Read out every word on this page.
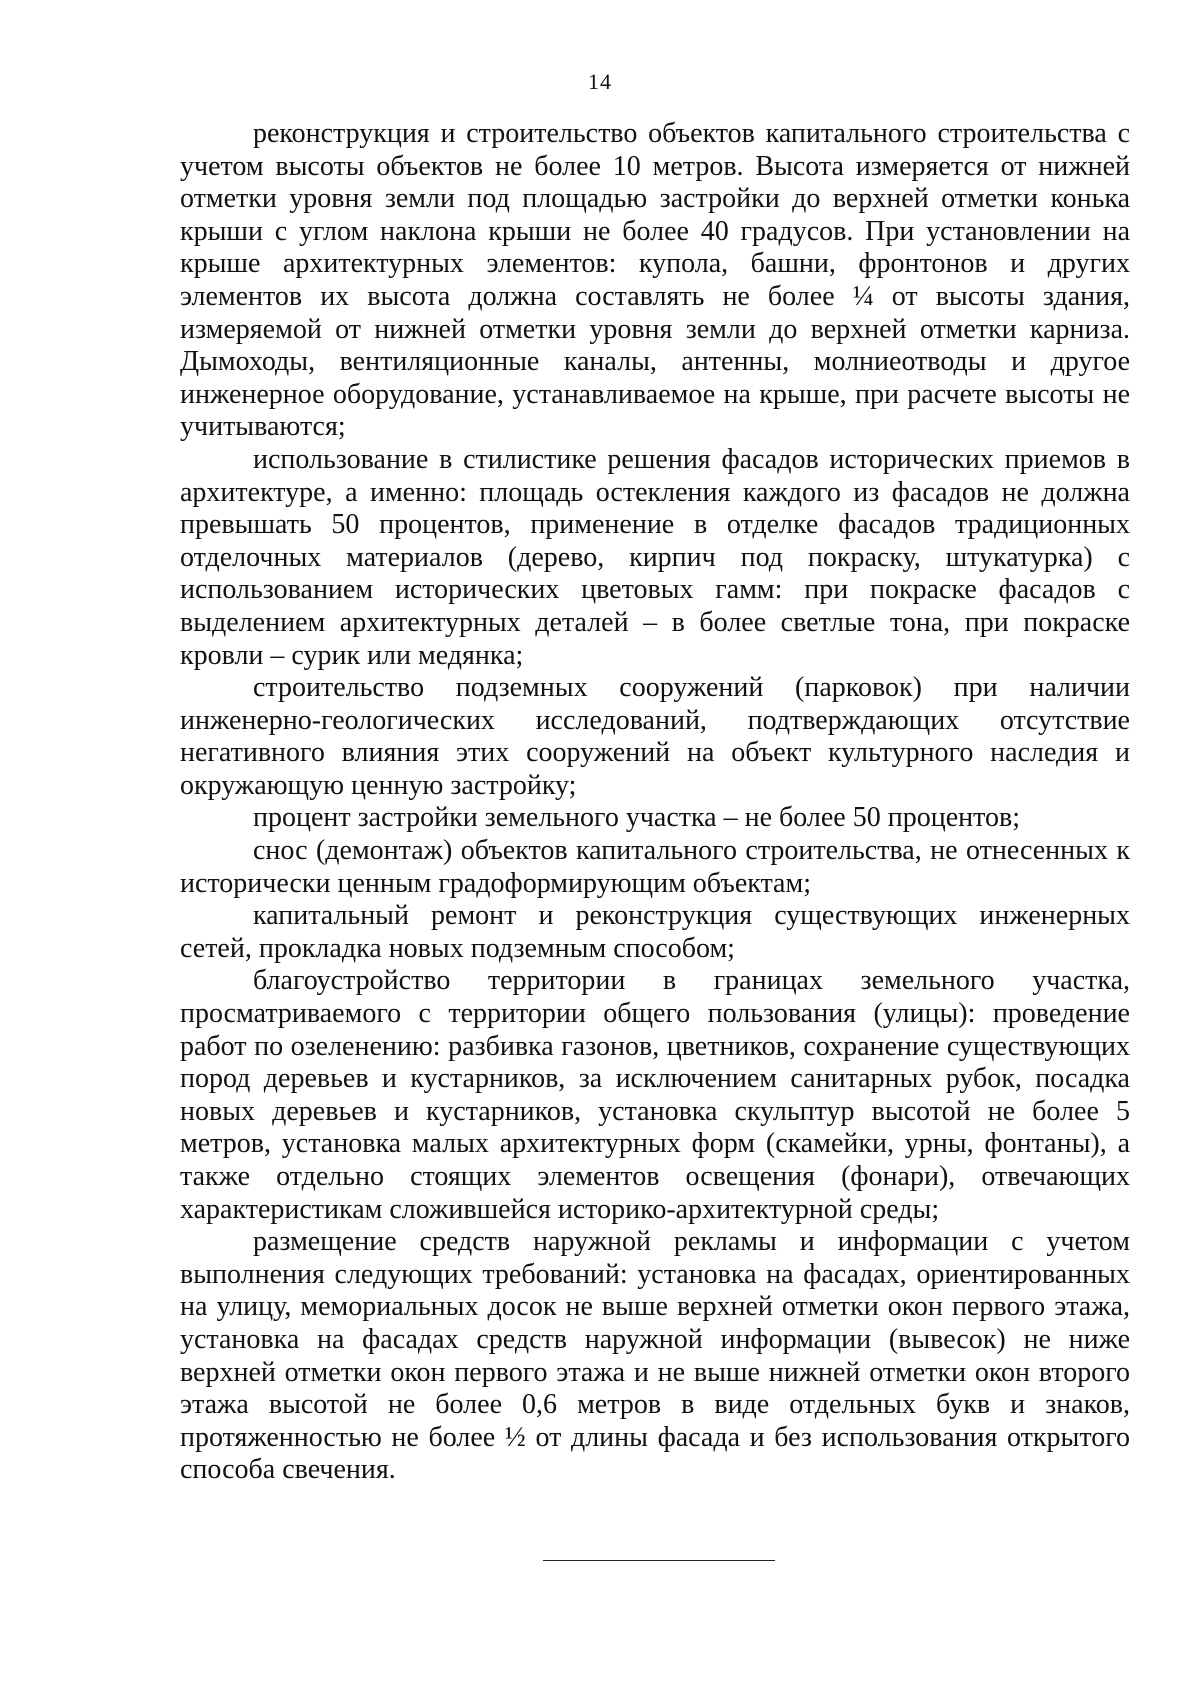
14

реконструкция и строительство объектов капитального строительства с учетом высоты объектов не более 10 метров. Высота измеряется от нижней отметки уровня земли под площадью застройки до верхней отметки конька крыши с углом наклона крыши не более 40 градусов. При установлении на крыше архитектурных элементов: купола, башни, фронтонов и других элементов их высота должна составлять не более ¼ от высоты здания, измеряемой от нижней отметки уровня земли до верхней отметки карниза. Дымоходы, вентиляционные каналы, антенны, молниеотводы и другое инженерное оборудование, устанавливаемое на крыше, при расчете высоты не учитываются;

использование в стилистике решения фасадов исторических приемов в архитектуре, а именно: площадь остекления каждого из фасадов не должна превышать 50 процентов, применение в отделке фасадов традиционных отделочных материалов (дерево, кирпич под покраску, штукатурка) с использованием исторических цветовых гамм: при покраске фасадов с выделением архитектурных деталей – в более светлые тона, при покраске кровли – сурик или медянка;

строительство подземных сооружений (парковок) при наличии инженерно-геологических исследований, подтверждающих отсутствие негативного влияния этих сооружений на объект культурного наследия и окружающую ценную застройку;

процент застройки земельного участка – не более 50 процентов;

снос (демонтаж) объектов капитального строительства, не отнесенных к исторически ценным градоформирующим объектам;

капитальный ремонт и реконструкция существующих инженерных сетей, прокладка новых подземным способом;

благоустройство территории в границах земельного участка, просматриваемого с территории общего пользования (улицы): проведение работ по озеленению: разбивка газонов, цветников, сохранение существующих пород деревьев и кустарников, за исключением санитарных рубок, посадка новых деревьев и кустарников, установка скульптур высотой не более 5 метров, установка малых архитектурных форм (скамейки, урны, фонтаны), а также отдельно стоящих элементов освещения (фонари), отвечающих характеристикам сложившейся историко-архитектурной среды;

размещение средств наружной рекламы и информации с учетом выполнения следующих требований: установка на фасадах, ориентированных на улицу, мемориальных досок не выше верхней отметки окон первого этажа, установка на фасадах средств наружной информации (вывесок) не ниже верхней отметки окон первого этажа и не выше нижней отметки окон второго этажа высотой не более 0,6 метров в виде отдельных букв и знаков, протяженностью не более ½ от длины фасада и без использования открытого способа свечения.
